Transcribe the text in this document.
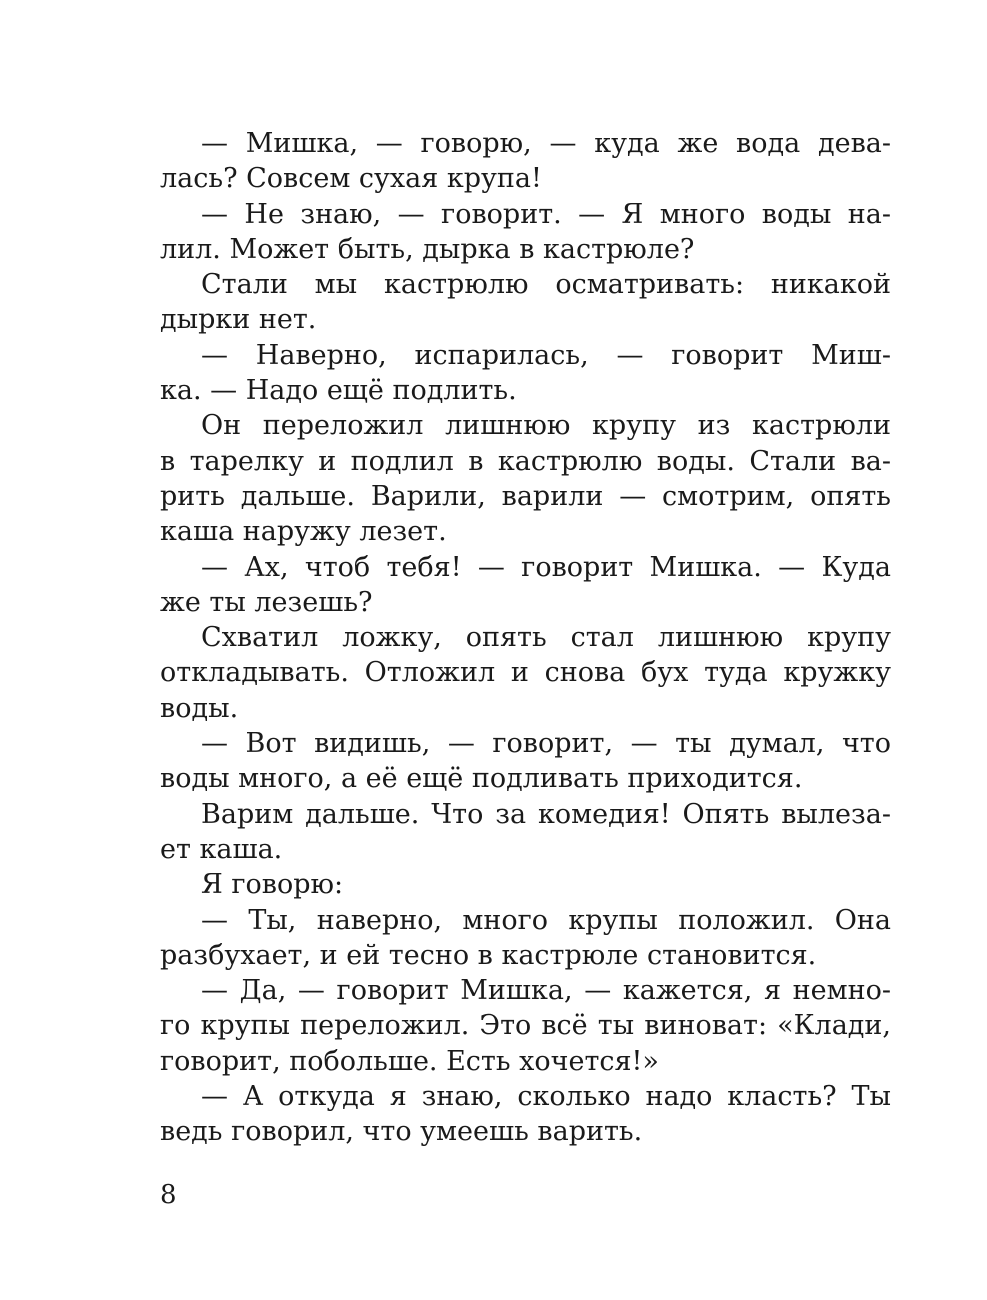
— Мишка, — говорю, — куда же вода дева-
лась? Совсем сухая крупа!
— Не знаю, — говорит. — Я много воды на-
лил. Может быть, дырка в кастрюле?
Стали мы кастрюлю осматривать: никакой
дырки нет.
— Наверно, испарилась, — говорит Миш-
ка. — Надо ещё подлить.
Он переложил лишнюю крупу из кастрюли
в тарелку и подлил в кастрюлю воды. Стали ва-
рить дальше. Варили, варили — смотрим, опять
каша наружу лезет.
— Ах, чтоб тебя! — говорит Мишка. — Куда
же ты лезешь?
Схватил ложку, опять стал лишнюю крупу
откладывать. Отложил и снова бух туда кружку
воды.
— Вот видишь, — говорит, — ты думал, что
воды много, а её ещё подливать приходится.
Варим дальше. Что за комедия! Опять вылеза-
ет каша.
Я говорю:
— Ты, наверно, много крупы положил. Она
разбухает, и ей тесно в кастрюле становится.
— Да, — говорит Мишка, — кажется, я немно-
го крупы переложил. Это всё ты виноват: «Клади,
говорит, побольше. Есть хочется!»
— А откуда я знаю, сколько надо класть? Ты
ведь говорил, что умеешь варить.
8
